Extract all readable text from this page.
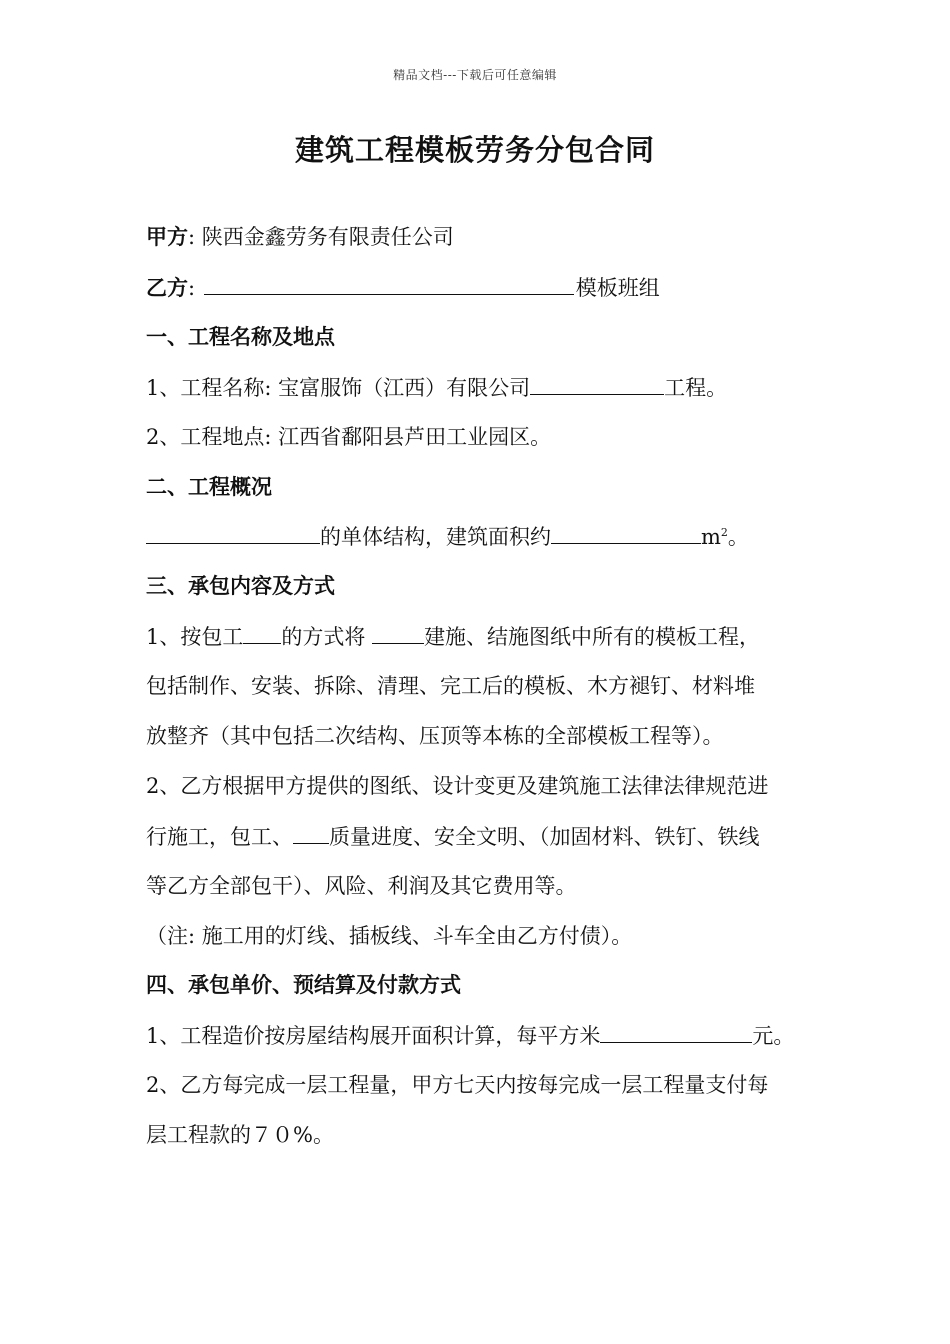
精品文档---下载后可任意编辑
建筑工程模板劳务分包合同
甲方: 陕西金鑫劳务有限责任公司
乙方:	模板班组
一、工程名称及地点
1、工程名称: 宝富服饰（江西）有限公司	工程。
2、工程地点: 江西省鄱阳县芦田工业园区。
二、工程概况
的单体结构，建筑面积约	$m^2$。
三、承包内容及方式
1、按包工 的方式将 建施、结施图纸中所有的模板工程，
包括制作、安装、拆除、清理、完工后的模板、木方褪钉、材料堆
放整齐（其中包括二次结构、压顶等本栋的全部模板工程等）。
2、乙方根据甲方提供的图纸、设计变更及建筑施工法律法律规范进
行施工，包工、 质量进度、安全文明、（加固材料、铁钉、铁线
等乙方全部包干）、风险、利润及其它费用等。
（注: 施工用的灯线、插板线、斗车全由乙方付债）。
四、承包单价、预结算及付款方式
1、工程造价按房屋结构展开面积计算，每平方米	元。
2、乙方每完成一层工程量，甲方七天内按每完成一层工程量支付每
层工程款的７０%。
